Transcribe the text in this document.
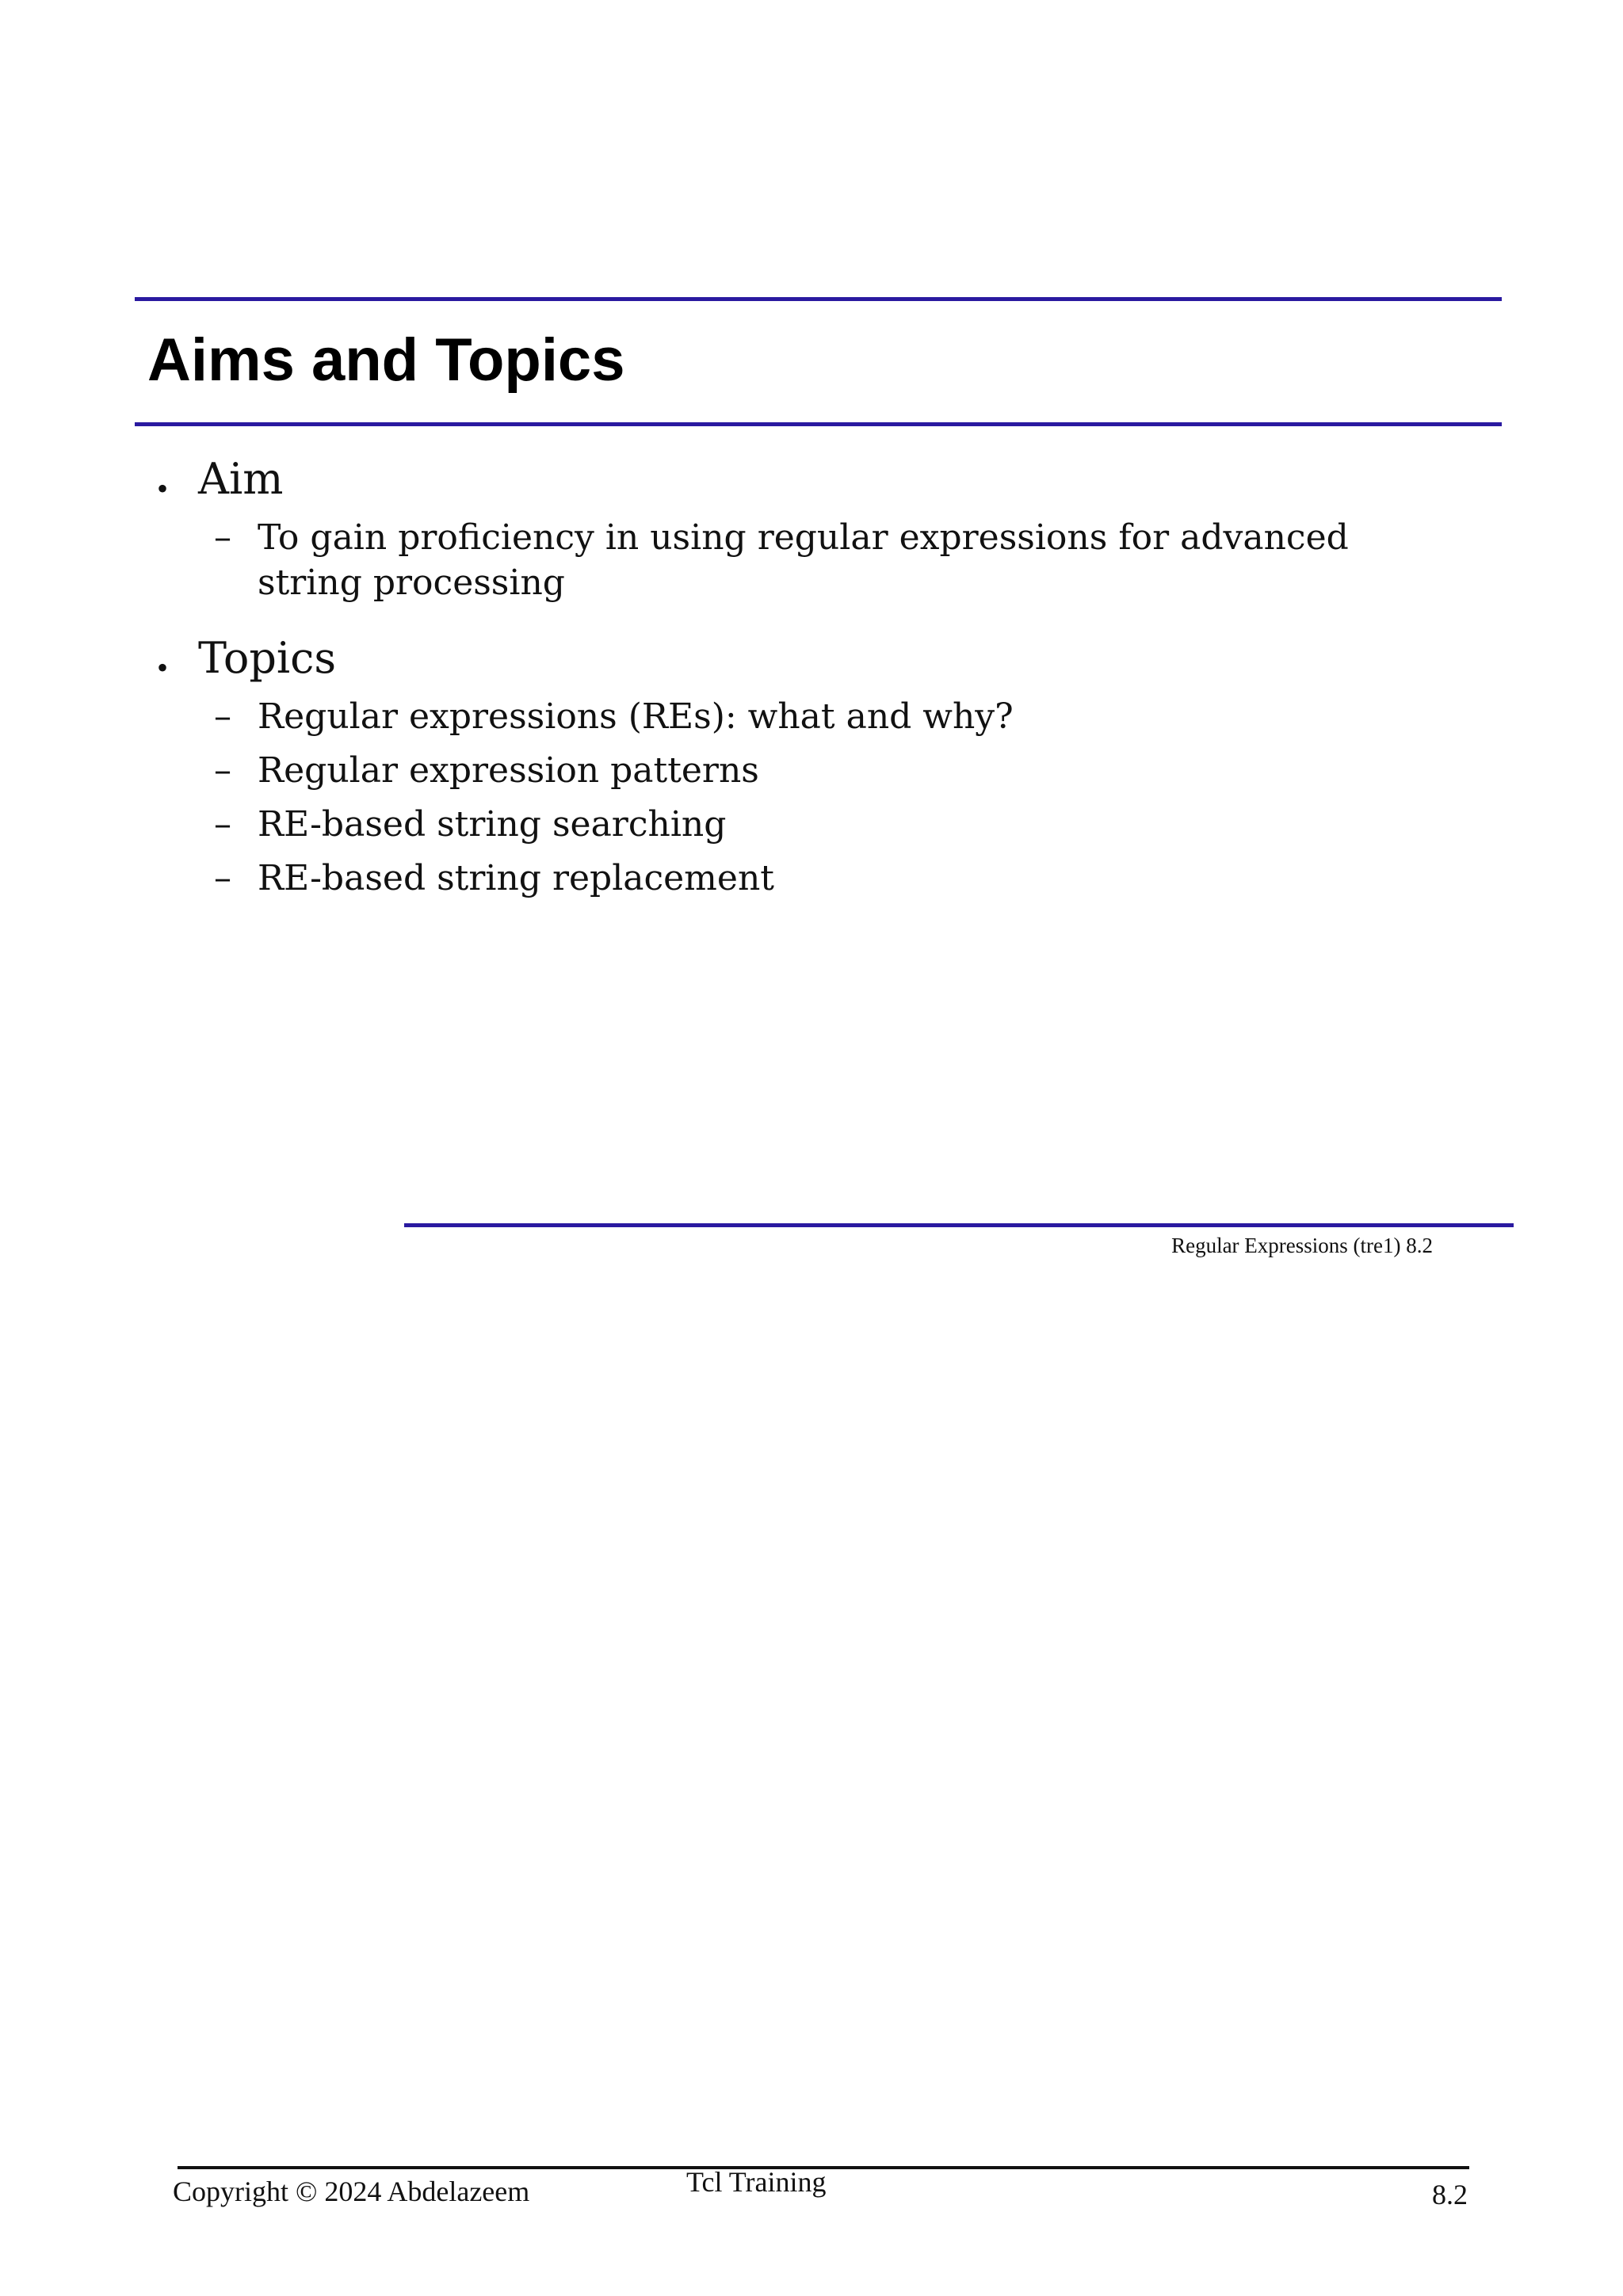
Aims and Topics
• Aim
– To gain proficiency in using regular expressions for advanced
string processing
• Topics
– Regular expressions (REs): what and why?
– Regular expression patterns
– RE-based string searching
– RE-based string replacement
Regular Expressions (tre1) 8.2
Copyright © 2024 Abdelazeem	Tcl Training	8.2
